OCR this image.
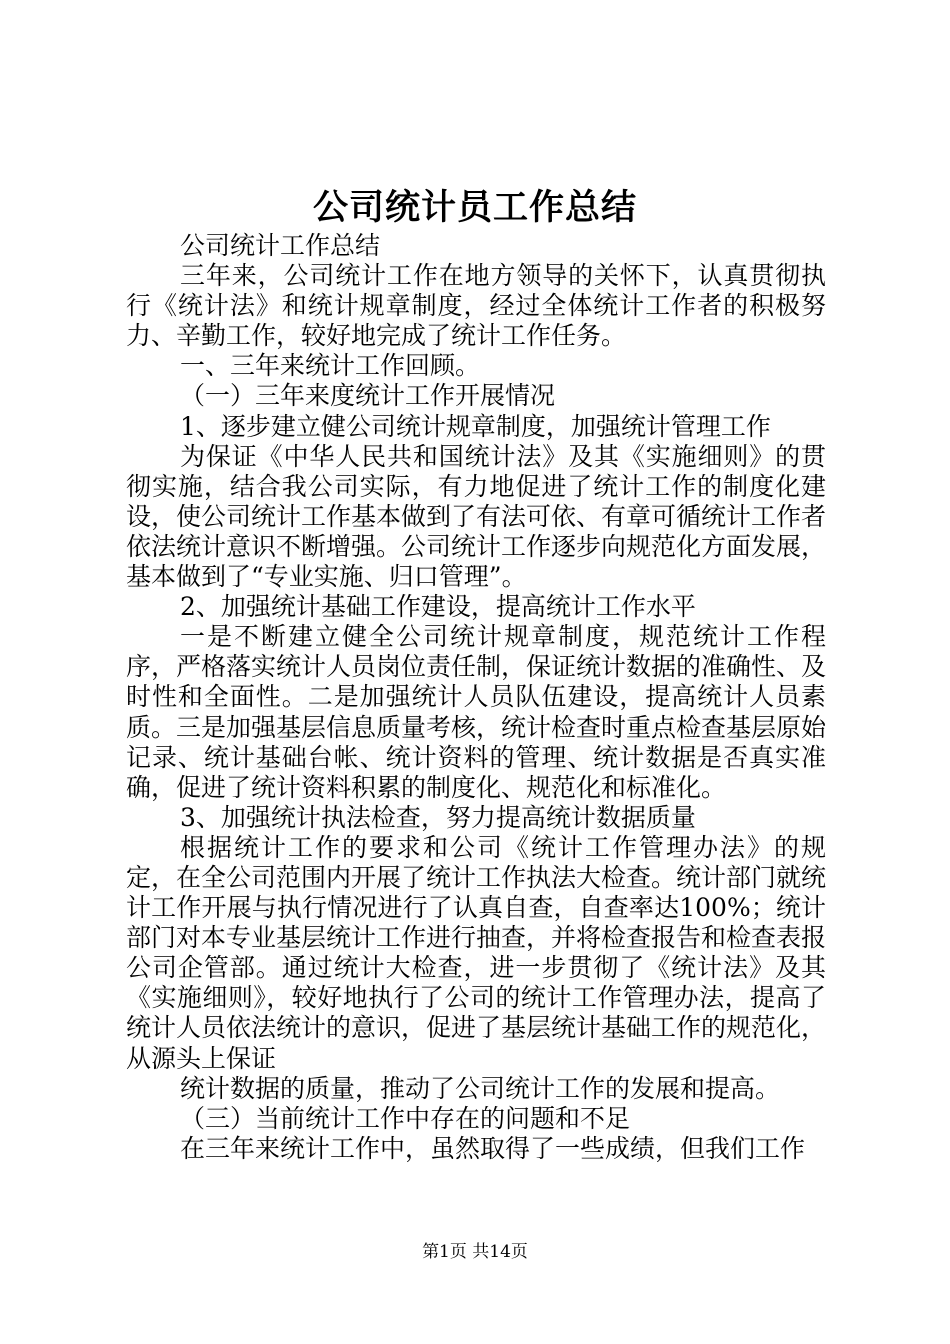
公司统计员工作总结

公司统计工作总结

三年来，公司统计工作在地方领导的关怀下，认真贯彻执行《统计法》和统计规章制度，经过全体统计工作者的积极努力、辛勤工作，较好地完成了统计工作任务。

一、三年来统计工作回顾。

（一）三年来度统计工作开展情况

1、逐步建立健公司统计规章制度，加强统计管理工作

为保证《中华人民共和国统计法》及其《实施细则》的贯彻实施，结合我公司实际，有力地促进了统计工作的制度化建设，使公司统计工作基本做到了有法可依、有章可循统计工作者依法统计意识不断增强。公司统计工作逐步向规范化方面发展，基本做到了“专业实施、归口管理”。

2、加强统计基础工作建设，提高统计工作水平

一是不断建立健全公司统计规章制度，规范统计工作程序，严格落实统计人员岗位责任制，保证统计数据的准确性、及时性和全面性。二是加强统计人员队伍建设，提高统计人员素质。三是加强基层信息质量考核，统计检查时重点检查基层原始记录、统计基础台帐、统计资料的管理、统计数据是否真实准确，促进了统计资料积累的制度化、规范化和标准化。

3、加强统计执法检查，努力提高统计数据质量

根据统计工作的要求和公司《统计工作管理办法》的规定，在全公司范围内开展了统计工作执法大检查。统计部门就统计工作开展与执行情况进行了认真自查，自查率达100%；统计部门对本专业基层统计工作进行抽查，并将检查报告和检查表报公司企管部。通过统计大检查，进一步贯彻了《统计法》及其《实施细则》，较好地执行了公司的统计工作管理办法，提高了统计人员依法统计的意识，促进了基层统计基础工作的规范化，从源头上保证

统计数据的质量，推动了公司统计工作的发展和提高。

（三）当前统计工作中存在的问题和不足

在三年来统计工作中，虽然取得了一些成绩，但我们工作

第1页 共14页
